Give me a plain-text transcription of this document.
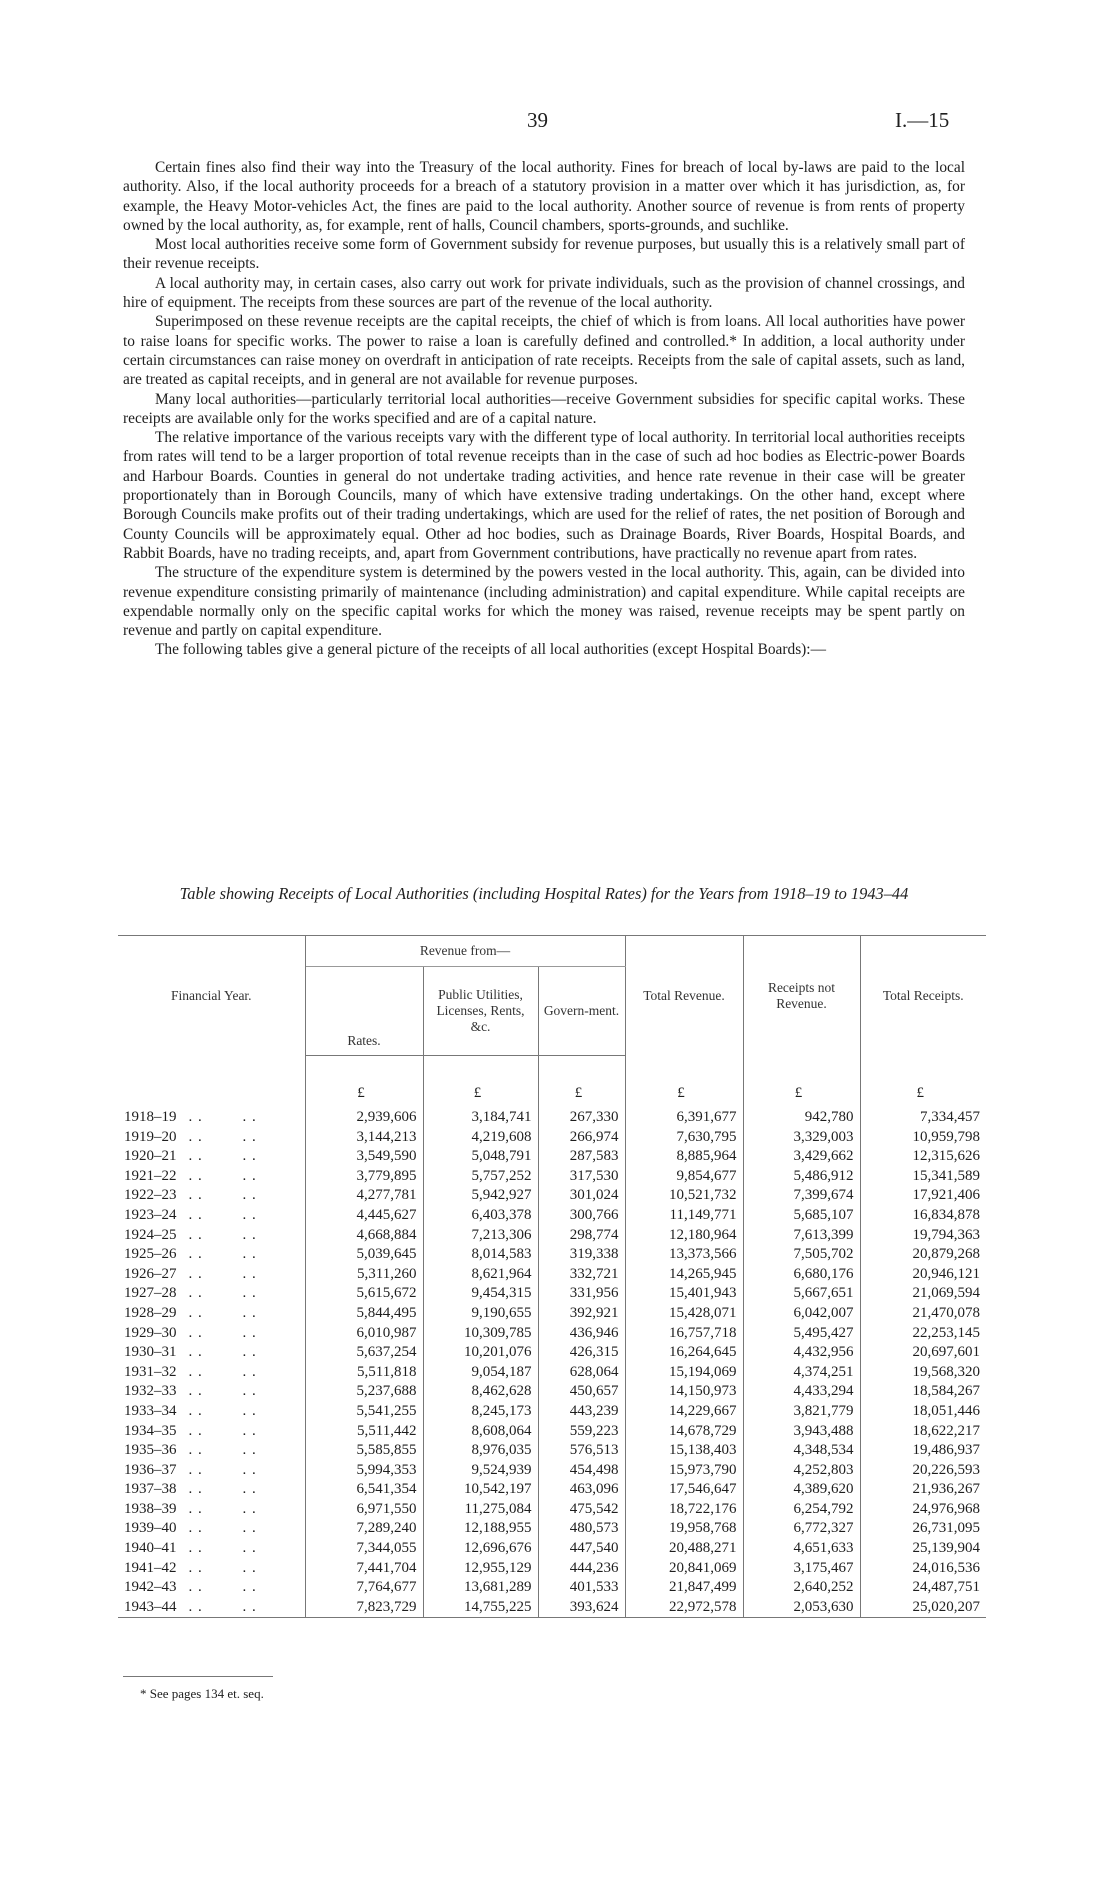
39	I.—15

Certain fines also find their way into the Treasury of the local authority. Fines for breach of local by-laws are paid to the local authority. Also, if the local authority proceeds for a breach of a statutory provision in a matter over which it has jurisdiction, as, for example, the Heavy Motor-vehicles Act, the fines are paid to the local authority. Another source of revenue is from rents of property owned by the local authority, as, for example, rent of halls, Council chambers, sports-grounds, and suchlike.

Most local authorities receive some form of Government subsidy for revenue purposes, but usually this is a relatively small part of their revenue receipts.

A local authority may, in certain cases, also carry out work for private individuals, such as the provision of channel crossings, and hire of equipment. The receipts from these sources are part of the revenue of the local authority.

Superimposed on these revenue receipts are the capital receipts, the chief of which is from loans. All local authorities have power to raise loans for specific works. The power to raise a loan is carefully defined and controlled.* In addition, a local authority under certain circumstances can raise money on overdraft in anticipation of rate receipts. Receipts from the sale of capital assets, such as land, are treated as capital receipts, and in general are not available for revenue purposes.

Many local authorities—particularly territorial local authorities—receive Government subsidies for specific capital works. These receipts are available only for the works specified and are of a capital nature.

The relative importance of the various receipts vary with the different type of local authority. In territorial local authorities receipts from rates will tend to be a larger proportion of total revenue receipts than in the case of such ad hoc bodies as Electric-power Boards and Harbour Boards. Counties in general do not undertake trading activities, and hence rate revenue in their case will be greater proportionately than in Borough Councils, many of which have extensive trading undertakings. On the other hand, except where Borough Councils make profits out of their trading undertakings, which are used for the relief of rates, the net position of Borough and County Councils will be approximately equal. Other ad hoc bodies, such as Drainage Boards, River Boards, Hospital Boards, and Rabbit Boards, have no trading receipts, and, apart from Government contributions, have practically no revenue apart from rates.

The structure of the expenditure system is determined by the powers vested in the local authority. This, again, can be divided into revenue expenditure consisting primarily of maintenance (including administration) and capital expenditure. While capital receipts are expendable normally only on the specific capital works for which the money was raised, revenue receipts may be spent partly on revenue and partly on capital expenditure.

The following tables give a general picture of the receipts of all local authorities (except Hospital Boards):—

Table showing Receipts of Local Authorities (including Hospital Rates) for the Years from 1918–19 to 1943–44
Financial Year.	Revenue from—			Total Revenue.	Receipts not Revenue.	Total Receipts.
	Rates.	Public Utilities, Licenses, Rents, &c.	Govern-ment.			
	£	£	£	£	£	£
1918–19 . . . .	2,939,606	3,184,741	267,330	6,391,677	942,780	7,334,457
1919–20 . . . .	3,144,213	4,219,608	266,974	7,630,795	3,329,003	10,959,798
1920–21 . . . .	3,549,590	5,048,791	287,583	8,885,964	3,429,662	12,315,626
1921–22 . . . .	3,779,895	5,757,252	317,530	9,854,677	5,486,912	15,341,589
1922–23 . . . .	4,277,781	5,942,927	301,024	10,521,732	7,399,674	17,921,406
1923–24 . . . .	4,445,627	6,403,378	300,766	11,149,771	5,685,107	16,834,878
1924–25 . . . .	4,668,884	7,213,306	298,774	12,180,964	7,613,399	19,794,363
1925–26 . . . .	5,039,645	8,014,583	319,338	13,373,566	7,505,702	20,879,268
1926–27 . . . .	5,311,260	8,621,964	332,721	14,265,945	6,680,176	20,946,121
1927–28 . . . .	5,615,672	9,454,315	331,956	15,401,943	5,667,651	21,069,594
1928–29 . . . .	5,844,495	9,190,655	392,921	15,428,071	6,042,007	21,470,078
1929–30 . . . .	6,010,987	10,309,785	436,946	16,757,718	5,495,427	22,253,145
1930–31 . . . .	5,637,254	10,201,076	426,315	16,264,645	4,432,956	20,697,601
1931–32 . . . .	5,511,818	9,054,187	628,064	15,194,069	4,374,251	19,568,320
1932–33 . . . .	5,237,688	8,462,628	450,657	14,150,973	4,433,294	18,584,267
1933–34 . . . .	5,541,255	8,245,173	443,239	14,229,667	3,821,779	18,051,446
1934–35 . . . .	5,511,442	8,608,064	559,223	14,678,729	3,943,488	18,622,217
1935–36 . . . .	5,585,855	8,976,035	576,513	15,138,403	4,348,534	19,486,937
1936–37 . . . .	5,994,353	9,524,939	454,498	15,973,790	4,252,803	20,226,593
1937–38 . . . .	6,541,354	10,542,197	463,096	17,546,647	4,389,620	21,936,267
1938–39 . . . .	6,971,550	11,275,084	475,542	18,722,176	6,254,792	24,976,968
1939–40 . . . .	7,289,240	12,188,955	480,573	19,958,768	6,772,327	26,731,095
1940–41 . . . .	7,344,055	12,696,676	447,540	20,488,271	4,651,633	25,139,904
1941–42 . . . .	7,441,704	12,955,129	444,236	20,841,069	3,175,467	24,016,536
1942–43 . . . .	7,764,677	13,681,289	401,533	21,847,499	2,640,252	24,487,751
1943–44 . . . .	7,823,729	14,755,225	393,624	22,972,578	2,053,630	25,020,207
* See pages 134 et. seq.
